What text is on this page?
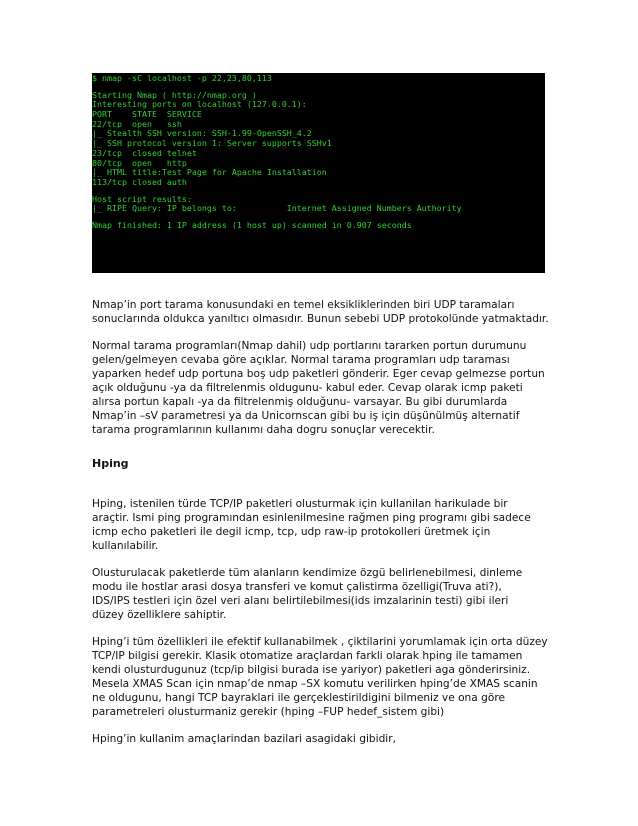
$ nmap -sC localhost -p 22,23,80,113
Starting Nmap ( http://nmap.org )
Interesting ports on localhost (127.0.0.1):
PORT    STATE  SERVICE
22/tcp  open   ssh
|_ Stealth SSH version: SSH-1.99-OpenSSH_4.2
|_ SSH protocol version 1: Server supports SSHv1
23/tcp  closed telnet
80/tcp  open   http
|_ HTML title:Test Page for Apache Installation
113/tcp closed auth
Host script results:
|_ RIPE Query: IP belongs to:          Internet Assigned Numbers Authority
Nmap finished: 1 IP address (1 host up) scanned in 0.907 seconds

Nmap’in port tarama konusundaki en temel eksikliklerinden biri UDP taramaları
sonuclarında oldukca yanıltıcı olmasıdır. Bunun sebebi UDP protokolünde yatmaktadır.

Normal tarama programları(Nmap dahil) udp portlarını tararken portun durumunu
gelen/gelmeyen cevaba göre açıklar. Normal tarama programları udp taraması
yaparken hedef udp portuna boş udp paketleri gönderir. Eger cevap gelmezse portun
açık olduğunu -ya da filtrelenmis oldugunu- kabul eder. Cevap olarak icmp paketi
alırsa portun kapalı -ya da filtrelenmiş olduğunu- varsayar. Bu gibi durumlarda
Nmap’in –sV parametresi ya da Unicornscan gibi bu iş için düşünülmüş alternatif
tarama programlarının kullanımı daha dogru sonuçlar verecektir.

Hping

Hping, istenilen türde TCP/IP paketleri olusturmak için kullanilan harikulade bir
araçtir. Ismi ping programından esinlenilmesine rağmen ping programı gibi sadece
icmp echo paketleri ile degil icmp, tcp, udp raw-ip protokolleri üretmek için
kullanılabilir.

Olusturulacak paketlerde tüm alanların kendimize özgü belirlenebilmesi, dinleme
modu ile hostlar arasi dosya transferi ve komut çalistirma özelligi(Truva ati?),
IDS/IPS testleri için özel veri alanı belirtilebilmesi(ids imzalarinin testi) gibi ileri
düzey özelliklere sahiptir.

Hping’i tüm özellikleri ile efektif kullanabilmek , çiktilarini yorumlamak için orta düzey
TCP/IP bilgisi gerekir. Klasik otomatize araçlardan farkli olarak hping ile tamamen
kendi olusturdugunuz (tcp/ip bilgisi burada ise yariyor) paketleri aga gönderirsiniz.
Mesela XMAS Scan için nmap’de nmap –SX komutu verilirken hping’de XMAS scanin
ne oldugunu, hangi TCP bayraklari ile gerçeklestirildigini bilmeniz ve ona göre
parametreleri olusturmaniz gerekir (hping –FUP hedef_sistem gibi)

Hping’in kullanim amaçlarindan bazilari asagidaki gibidir,
